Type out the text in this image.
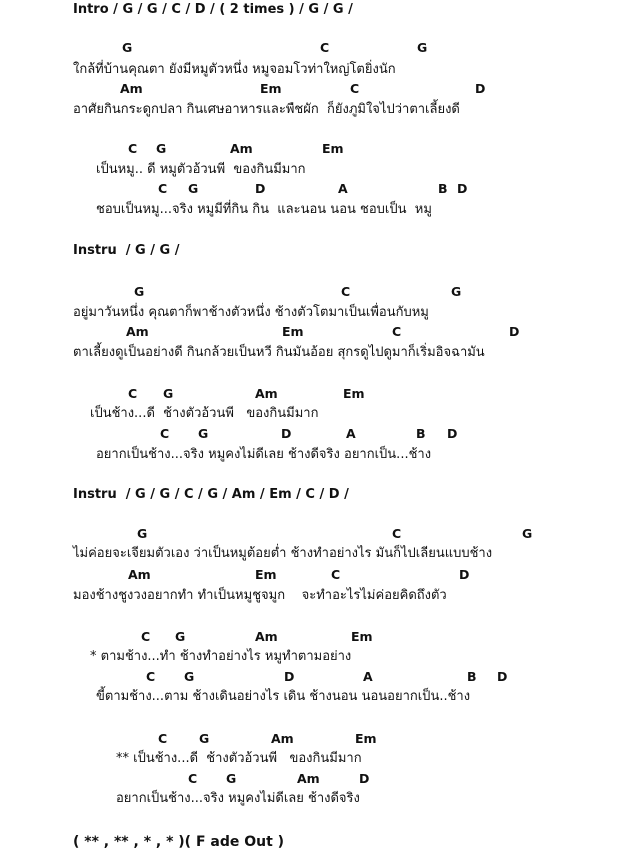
Intro / G / G / C / D / ( 2 times ) / G / G /
G	C	G
ใกล้ที่บ้านคุณตา ยังมีหมูตัวหนึ่ง หมูจอมโวท่าใหญ่โตยิ่งนัก
Am	Em	C	D
อาศัยกินกระดูกปลา กินเศษอาหารและพืชผัก  ก็ยังภูมิใจไปว่าตาเลี้ยงดี
C G	Am	Em
เป็นหมู.. ดี หมูตัวอ้วนพี  ของกินมีมาก
C G	D	A	B D
ชอบเป็นหมู...จริง หมูมีที่กิน กิน  และนอน นอน ชอบเป็น  หมู
Instru  / G / G /
G	C	G
อยู่มาวันหนึ่ง คุณตาก็พาช้างตัวหนึ่ง ช้างตัวโตมาเป็นเพื่อนกับหมู
Am	Em	C	D
ตาเลี้ยงดูเป็นอย่างดี กินกล้วยเป็นหวี กินมันอ้อย สุกรดูไปดูมาก็เริ่มอิจฉามัน
C G	Am	Em
เป็นช้าง...ดี  ช้างตัวอ้วนพี   ของกินมีมาก
C G	D	A	B D
อยากเป็นช้าง...จริง หมูคงไม่ดีเลย ช้างดีจริง อยากเป็น...ช้าง
Instru  / G / G / C / G / Am / Em / C / D /
G	C	G
ไม่ค่อยจะเจียมตัวเอง ว่าเป็นหมูต้อยต่ำ ช้างทำอย่างไร มันก็ไปเลียนแบบช้าง
Am	Em	C	D
มองช้างชูงวงอยากทำ ทำเป็นหมูชูจมูก    จะทำอะไรไม่ค่อยคิดถึงตัว
C G	Am	Em
* ตามช้าง...ทำ ช้างทำอย่างไร หมูทำตามอย่าง
C G	D	A	B D
ขี้ตามช้าง...ตาม ช้างเดินอย่างไร เดิน ช้างนอน นอนอยากเป็น..ช้าง
C	G	Am	Em
** เป็นช้าง...ดี  ช้างตัวอ้วนพี   ของกินมีมาก
C G	Am	D
อยากเป็นช้าง...จริง หมูคงไม่ดีเลย ช้างดีจริง
( ** , ** , * , * )( F ade Out )
